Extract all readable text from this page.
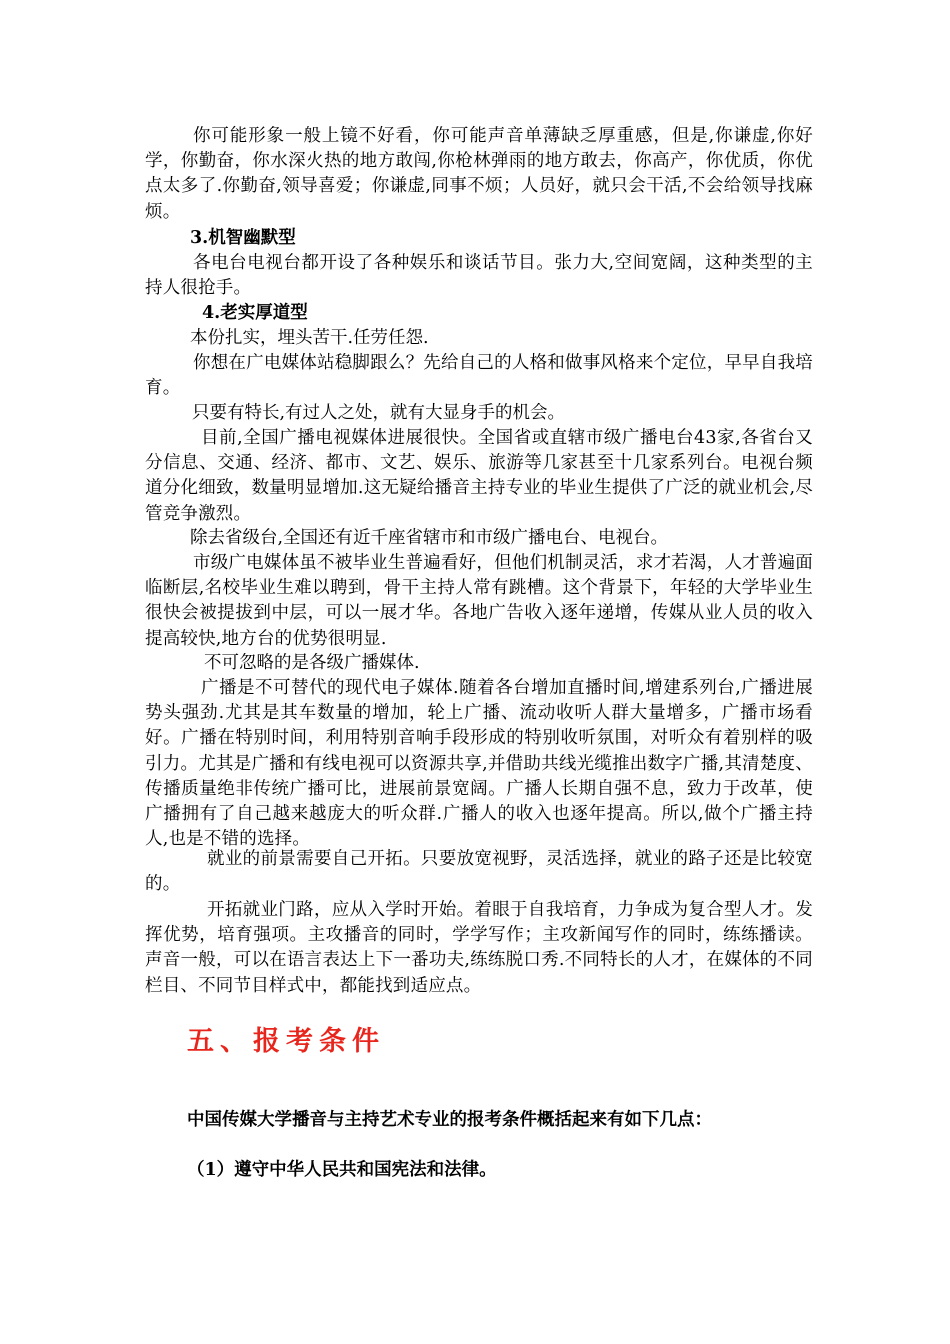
你可能形象一般上镜不好看，你可能声音单薄缺乏厚重感，但是,你谦虚,你好学，你勤奋，你水深火热的地方敢闯,你枪林弹雨的地方敢去，你高产，你优质，你优点太多了.你勤奋,领导喜爱；你谦虚,同事不烦；人员好，就只会干活,不会给领导找麻烦。

3.机智幽默型

各电台电视台都开设了各种娱乐和谈话节目。张力大,空间宽阔，这种类型的主持人很抢手。

4.老实厚道型

本份扎实，埋头苦干.任劳任怨.

你想在广电媒体站稳脚跟么？先给自己的人格和做事风格来个定位，早早自我培育。

只要有特长,有过人之处，就有大显身手的机会。

目前,全国广播电视媒体进展很快。全国省或直辖市级广播电台43家,各省台又分信息、交通、经济、都市、文艺、娱乐、旅游等几家甚至十几家系列台。电视台频道分化细致，数量明显增加.这无疑给播音主持专业的毕业生提供了广泛的就业机会,尽管竞争激烈。

除去省级台,全国还有近千座省辖市和市级广播电台、电视台。

市级广电媒体虽不被毕业生普遍看好，但他们机制灵活，求才若渴，人才普遍面临断层,名校毕业生难以聘到，骨干主持人常有跳槽。这个背景下，年轻的大学毕业生很快会被提拔到中层，可以一展才华。各地广告收入逐年递增，传媒从业人员的收入提高较快,地方台的优势很明显.

不可忽略的是各级广播媒体.

广播是不可替代的现代电子媒体.随着各台增加直播时间,增建系列台,广播进展势头强劲.尤其是其车数量的增加，轮上广播、流动收听人群大量增多，广播市场看好。广播在特别时间，利用特别音响手段形成的特别收听氛围，对听众有着别样的吸引力。尤其是广播和有线电视可以资源共享,并借助共线光缆推出数字广播,其清楚度、传播质量绝非传统广播可比，进展前景宽阔。广播人长期自强不息，致力于改革，使广播拥有了自己越来越庞大的听众群.广播人的收入也逐年提高。所以,做个广播主持人,也是不错的选择。

就业的前景需要自己开拓。只要放宽视野，灵活选择，就业的路子还是比较宽的。

开拓就业门路，应从入学时开始。着眼于自我培育，力争成为复合型人才。发挥优势，培育强项。主攻播音的同时，学学写作；主攻新闻写作的同时，练练播读。声音一般，可以在语言表达上下一番功夫,练练脱口秀.不同特长的人才，在媒体的不同栏目、不同节目样式中，都能找到适应点。

五、报考条件

中国传媒大学播音与主持艺术专业的报考条件概括起来有如下几点：

（1）遵守中华人民共和国宪法和法律。
